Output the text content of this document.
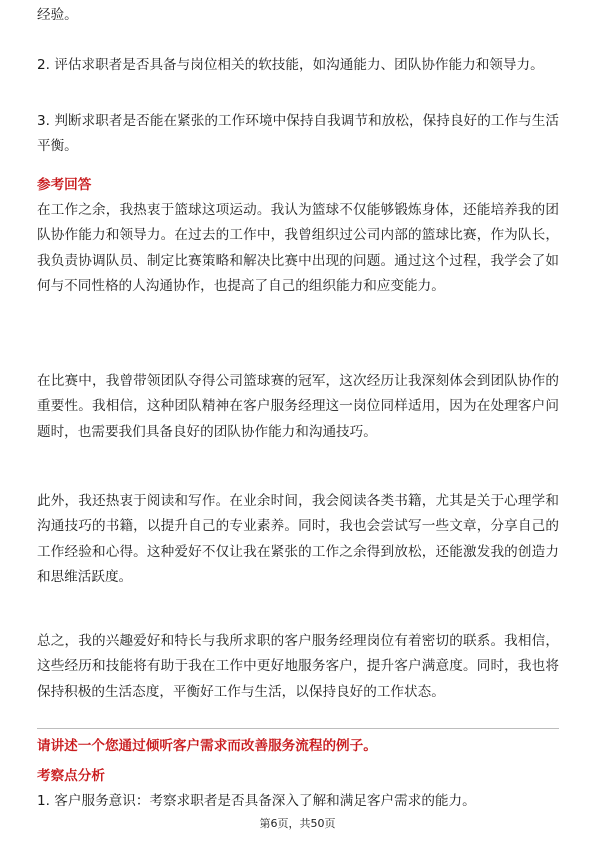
经验。

2. 评估求职者是否具备与岗位相关的软技能，如沟通能力、团队协作能力和领导力。

3. 判断求职者是否能在紧张的工作环境中保持自我调节和放松，保持良好的工作与生活平衡。

参考回答

在工作之余，我热衷于篮球这项运动。我认为篮球不仅能够锻炼身体，还能培养我的团队协作能力和领导力。在过去的工作中，我曾组织过公司内部的篮球比赛，作为队长，我负责协调队员、制定比赛策略和解决比赛中出现的问题。通过这个过程，我学会了如何与不同性格的人沟通协作，也提高了自己的组织能力和应变能力。

在比赛中，我曾带领团队夺得公司篮球赛的冠军，这次经历让我深刻体会到团队协作的重要性。我相信，这种团队精神在客户服务经理这一岗位同样适用，因为在处理客户问题时，也需要我们具备良好的团队协作能力和沟通技巧。

此外，我还热衷于阅读和写作。在业余时间，我会阅读各类书籍，尤其是关于心理学和沟通技巧的书籍，以提升自己的专业素养。同时，我也会尝试写一些文章，分享自己的工作经验和心得。这种爱好不仅让我在紧张的工作之余得到放松，还能激发我的创造力和思维活跃度。

总之，我的兴趣爱好和特长与我所求职的客户服务经理岗位有着密切的联系。我相信，这些经历和技能将有助于我在工作中更好地服务客户，提升客户满意度。同时，我也将保持积极的生活态度，平衡好工作与生活，以保持良好的工作状态。

请讲述一个您通过倾听客户需求而改善服务流程的例子。
考察点分析

1. 客户服务意识：考察求职者是否具备深入了解和满足客户需求的能力。

第6页，共50页
